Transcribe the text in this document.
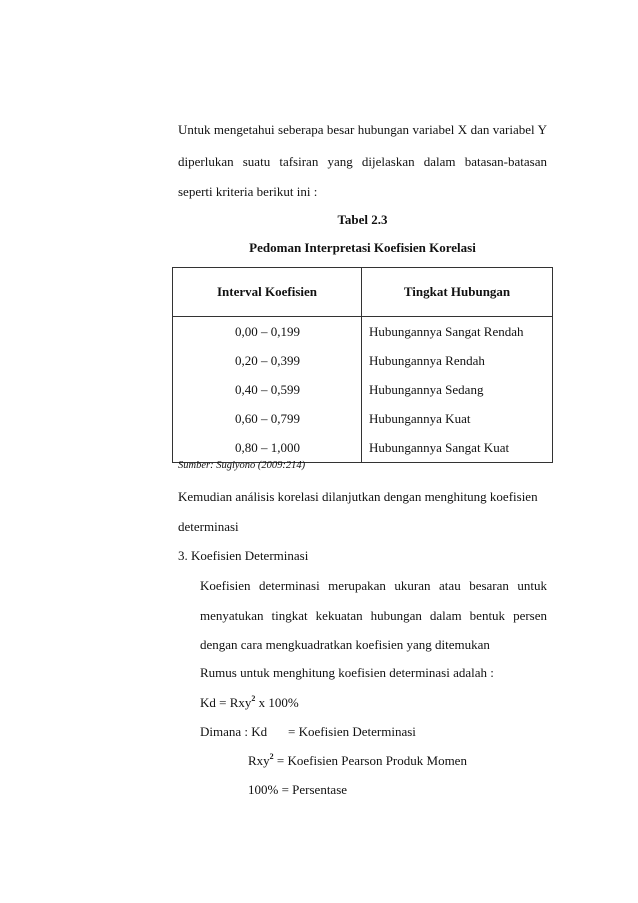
Untuk mengetahui seberapa besar hubungan variabel X dan variabel Y
diperlukan suatu tafsiran yang dijelaskan dalam batasan-batasan
seperti kriteria berikut ini :
Tabel 2.3
Pedoman Interpretasi Koefisien Korelasi
Interval Koefisien	Tingkat Hubungan
0,00 – 0,199	Hubungannya Sangat Rendah
0,20 – 0,399	Hubungannya Rendah
0,40 – 0,599	Hubungannya Sedang
0,60 – 0,799	Hubungannya Kuat
0,80 – 1,000	Hubungannya Sangat Kuat
Sumber: Sugiyono (2009:214)
Kemudian análisis korelasi dilanjutkan dengan menghitung koefisien
determinasi
3. Koefisien Determinasi
Koefisien determinasi merupakan ukuran atau besaran untuk
menyatukan tingkat kekuatan hubungan dalam bentuk persen
dengan cara mengkuadratkan koefisien yang ditemukan
Rumus untuk menghitung koefisien determinasi adalah :
Kd = Rxy$^2$ x 100%
Dimana : Kd = Koefisien Determinasi
Rxy$^2$ = Koefisien Pearson Produk Momen
100% = Persentase
